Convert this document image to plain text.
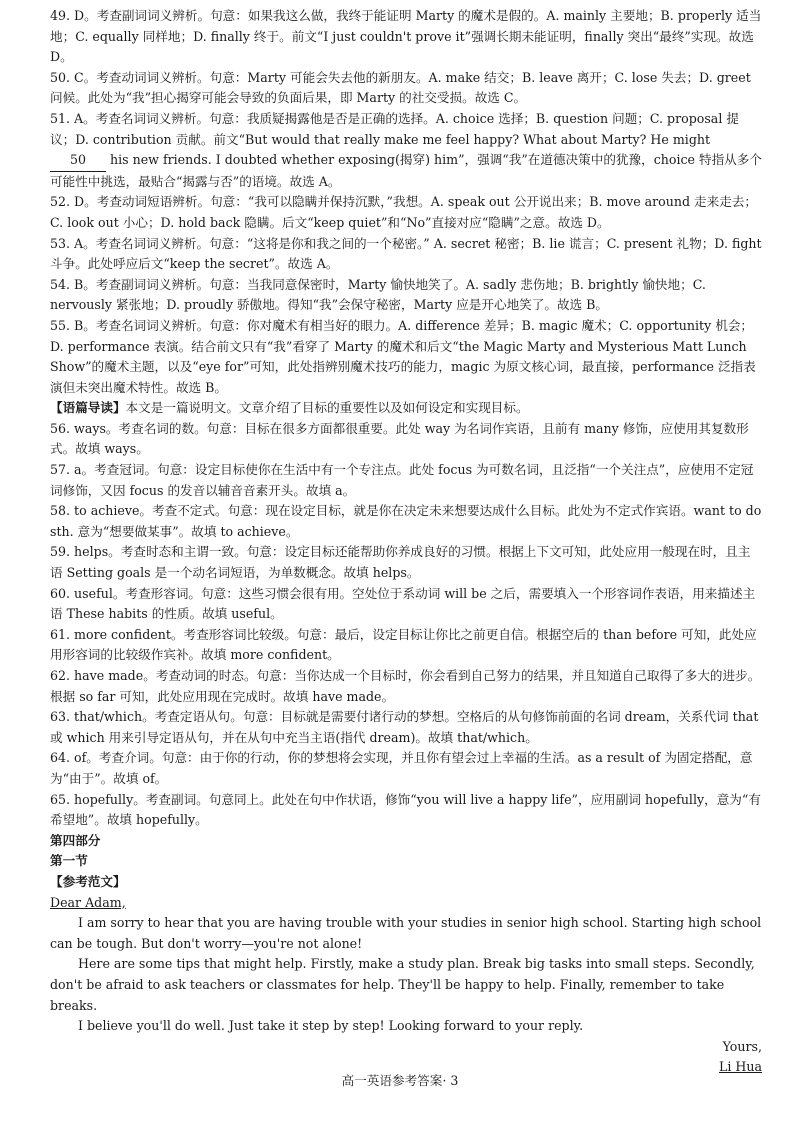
49. D。考查副词词义辨析。句意：如果我这么做，我终于能证明 Marty 的魔术是假的。A. mainly 主要地；B. properly 适当地；C. equally 同样地；D. finally 终于。前文“I just couldn't prove it”强调长期未能证明，finally 突出“最终”实现。故选 D。

50. C。考查动词词义辨析。句意：Marty 可能会失去他的新朋友。A. make 结交；B. leave 离开；C. lose 失去；D. greet 问候。此处为“我”担心揭穿可能会导致的负面后果，即 Marty 的社交受损。故选 C。

51. A。考查名词词义辨析。句意：我质疑揭露他是否是正确的选择。A. choice 选择；B. question 问题；C. proposal 提议；D. contribution 贡献。前文“But would that really make me feel happy? What about Marty? He might 50 his new friends. I doubted whether exposing(揭穿) him”，强调“我”在道德决策中的犹豫，choice 特指从多个可能性中挑选，最贴合“揭露与否”的语境。故选 A。

52. D。考查动词短语辨析。句意：“我可以隐瞒并保持沉默，”我想。A. speak out 公开说出来；B. move around 走来走去；C. look out 小心；D. hold back 隐瞒。后文“keep quiet”和“No”直接对应“隐瞒”之意。故选 D。

53. A。考查名词词义辨析。句意：“这将是你和我之间的一个秘密。” A. secret 秘密；B. lie 谎言；C. present 礼物；D. fight 斗争。此处呼应后文“keep the secret”。故选 A。

54. B。考查副词词义辨析。句意：当我同意保密时，Marty 愉快地笑了。A. sadly 悲伤地；B. brightly 愉快地；C. nervously 紧张地；D. proudly 骄傲地。得知“我”会保守秘密，Marty 应是开心地笑了。故选 B。

55. B。考查名词词义辨析。句意：你对魔术有相当好的眼力。A. difference 差异；B. magic 魔术；C. opportunity 机会；D. performance 表演。结合前文只有“我”看穿了 Marty 的魔术和后文“the Magic Marty and Mysterious Matt Lunch Show”的魔术主题，以及“eye for”可知，此处指辨别魔术技巧的能力，magic 为原文核心词，最直接，performance 泛指表演但未突出魔术特性。故选 B。

【语篇导读】本文是一篇说明文。文章介绍了目标的重要性以及如何设定和实现目标。

56. ways。考查名词的数。句意：目标在很多方面都很重要。此处 way 为名词作宾语，且前有 many 修饰，应使用其复数形式。故填 ways。

57. a。考查冠词。句意：设定目标使你在生活中有一个专注点。此处 focus 为可数名词，且泛指“一个关注点”，应使用不定冠词修饰，又因 focus 的发音以辅音音素开头。故填 a。

58. to achieve。考查不定式。句意：现在设定目标，就是你在决定未来想要达成什么目标。此处为不定式作宾语。want to do sth. 意为“想要做某事”。故填 to achieve。

59. helps。考查时态和主谓一致。句意：设定目标还能帮助你养成良好的习惯。根据上下文可知，此处应用一般现在时，且主语 Setting goals 是一个动名词短语，为单数概念。故填 helps。

60. useful。考查形容词。句意：这些习惯会很有用。空处位于系动词 will be 之后，需要填入一个形容词作表语，用来描述主语 These habits 的性质。故填 useful。

61. more confident。考查形容词比较级。句意：最后，设定目标让你比之前更自信。根据空后的 than before 可知，此处应用形容词的比较级作宾补。故填 more confident。

62. have made。考查动词的时态。句意：当你达成一个目标时，你会看到自己努力的结果，并且知道自己取得了多大的进步。根据 so far 可知，此处应用现在完成时。故填 have made。

63. that/which。考查定语从句。句意：目标就是需要付诸行动的梦想。空格后的从句修饰前面的名词 dream，关系代词 that 或 which 用来引导定语从句，并在从句中充当主语(指代 dream)。故填 that/which。

64. of。考查介词。句意：由于你的行动，你的梦想将会实现，并且你有望会过上幸福的生活。as a result of 为固定搭配，意为“由于”。故填 of。

65. hopefully。考查副词。句意同上。此处在句中作状语，修饰“you will live a happy life”，应用副词 hopefully，意为“有希望地”。故填 hopefully。

第四部分

第一节

【参考范文】

Dear Adam,

I am sorry to hear that you are having trouble with your studies in senior high school. Starting high school can be tough. But don't worry—you're not alone!

Here are some tips that might help. Firstly, make a study plan. Break big tasks into small steps. Secondly, don't be afraid to ask teachers or classmates for help. They'll be happy to help. Finally, remember to take breaks.

I believe you'll do well. Just take it step by step! Looking forward to your reply.

Yours,

Li Hua

高一英语参考答案· 3
